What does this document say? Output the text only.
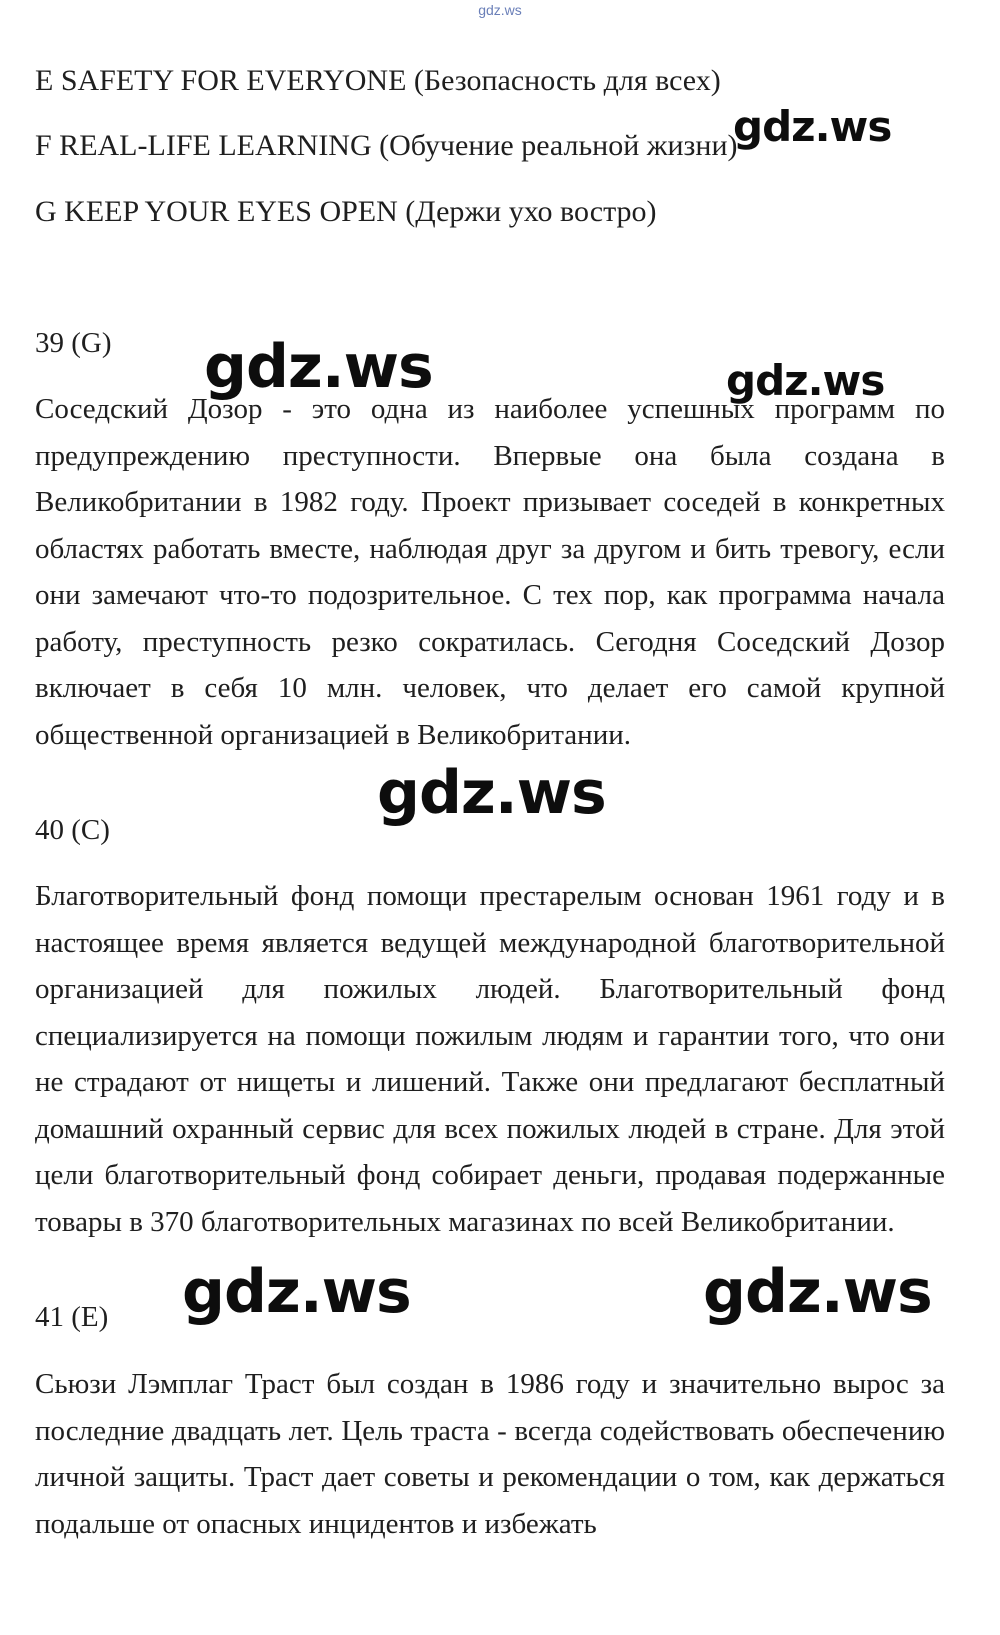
gdz.ws
E SAFETY FOR EVERYONE (Безопасность для всех)
F REAL-LIFE LEARNING (Обучение реальной жизни)
G KEEP YOUR EYES OPEN (Держи ухо востро)
39 (G)

Соседский Дозор - это одна из наиболее успешных программ по предупреждению преступности. Впервые она была создана в Великобритании в 1982 году. Проект призывает соседей в конкретных областях работать вместе, наблюдая друг за другом и бить тревогу, если они замечают что-то подозрительное. С тех пор, как программа начала работу, преступность резко сократилась. Сегодня Соседский Дозор включает в себя 10 млн. человек, что делает его самой крупной общественной организацией в Великобритании.

40 (C)

Благотворительный фонд помощи престарелым основан 1961 году и в настоящее время является ведущей международной благотворительной организацией для пожилых людей. Благотворительный фонд специализируется на помощи пожилым людям и гарантии того, что они не страдают от нищеты и лишений. Также они предлагают бесплатный домашний охранный сервис для всех пожилых людей в стране. Для этой цели благотворительный фонд собирает деньги, продавая подержанные товары в 370 благотворительных магазинах по всей Великобритании.

41 (E)

Сьюзи Лэмплаг Траст был создан в 1986 году и значительно вырос за последние двадцать лет. Цель траста - всегда содействовать обеспечению личной защиты. Траст дает советы и рекомендации о том, как держаться подальше от опасных инцидентов и избежать

gdz.ws
gdz.ws	gdz.ws
gdz.ws
gdz.ws	gdz.ws
